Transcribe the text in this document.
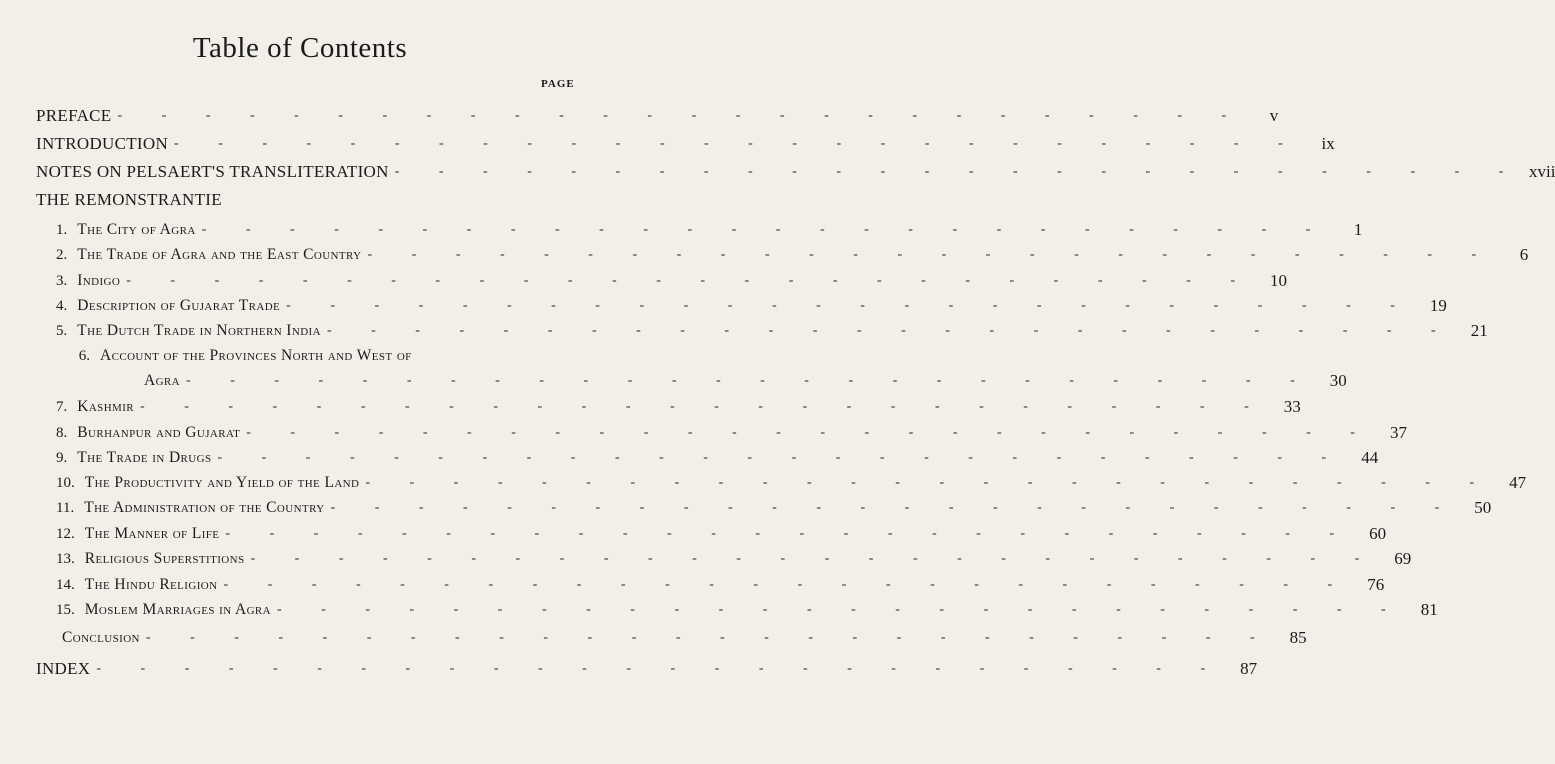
Table of Contents
PAGE
PREFACE - - - - - - - - - - - - - - - - - - - - - - - - - -	v
INTRODUCTION - - - - - - - - - - - - - - - - - - - - - - - - - -	ix
NOTES ON PELSAERT'S TRANSLITERATION - - - - - - - - - - - - - - - - - - - - - - - - - - xvii
THE REMONSTRANTIE
1. The City of Agra - - - - - - - - - - - - - - - - - - - - - - - - - -	1
2. The Trade of Agra and the East Country - - - - - - - - - - - - - - - - - - - - - - - - - -	6
3. Indigo - - - - - - - - - - - - - - - - - - - - - - - - - -	10
4. Description of Gujarat Trade - - - - - - - - - - - - - - - - - - - - - - - - - -	19
5. The Dutch Trade in Northern India - - - - - - - - - - - - - - - - - - - - - - - - - -	21
6. Account of the Provinces North and West of
Agra - - - - - - - - - - - - - - - - - - - - - - - - - -	30
7. Kashmir - - - - - - - - - - - - - - - - - - - - - - - - - -	33
8. Burhanpur and Gujarat - - - - - - - - - - - - - - - - - - - - - - - - - -	37
9. The Trade in Drugs - - - - - - - - - - - - - - - - - - - - - - - - - -	44
10. The Productivity and Yield of the Land - - - - - - - - - - - - - - - - - - - - - - - - - -	47
11. The Administration of the Country - - - - - - - - - - - - - - - - - - - - - - - - - -	50
12. The Manner of Life - - - - - - - - - - - - - - - - - - - - - - - - - -	60
13. Religious Superstitions - - - - - - - - - - - - - - - - - - - - - - - - - -	69
14. The Hindu Religion - - - - - - - - - - - - - - - - - - - - - - - - - -	76
15. Moslem Marriages in Agra - - - - - - - - - - - - - - - - - - - - - - - - - -	81
Conclusion - - - - - - - - - - - - - - - - - - - - - - - - - -	85
INDEX - - - - - - - - - - - - - - - - - - - - - - - - - -	87
